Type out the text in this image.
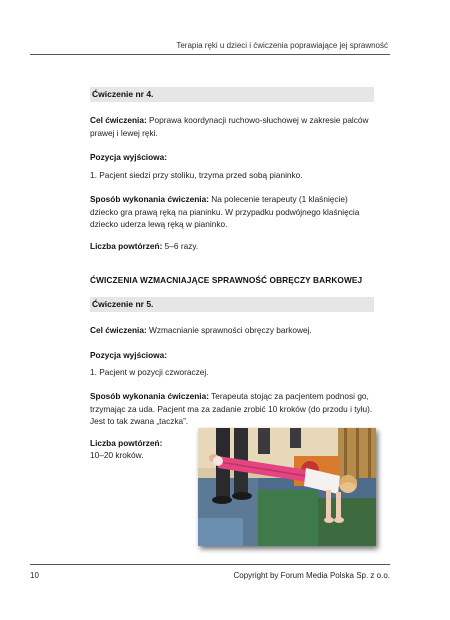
Terapia ręki u dzieci i ćwiczenia poprawiające jej sprawność
Ćwiczenie nr 4.
Cel ćwiczenia: Poprawa koordynacji ruchowo-słuchowej w zakresie palców prawej i lewej ręki.
Pozycja wyjściowa:
1. Pacjent siedzi przy stoliku, trzyma przed sobą pianinko.
Sposób wykonania ćwiczenia: Na polecenie terapeuty (1 klaśnięcie) dziecko gra prawą ręką na pianinku. W przypadku podwójnego klaśnięcia dziecko uderza lewą ręką w pianinko.
Liczba powtórzeń: 5–6 razy.
ĆWICZENIA WZMACNIAJĄCE SPRAWNOŚĆ OBRĘCZY BARKOWEJ
Ćwiczenie nr 5.
Cel ćwiczenia: Wzmacnianie sprawności obręczy barkowej.
Pozycja wyjściowa:
1. Pacjent w pozycji czworaczej.
Sposób wykonania ćwiczenia: Terapeuta stojąc za pacjentem podnosi go, trzymając za uda. Pacjent ma za zadanie zrobić 10 kroków (do przodu i tyłu). Jest to tak zwana „taczka”.
Liczba powtórzeń:
10–20 kroków.
10	Copyright by Forum Media Polska Sp. z o.o.
